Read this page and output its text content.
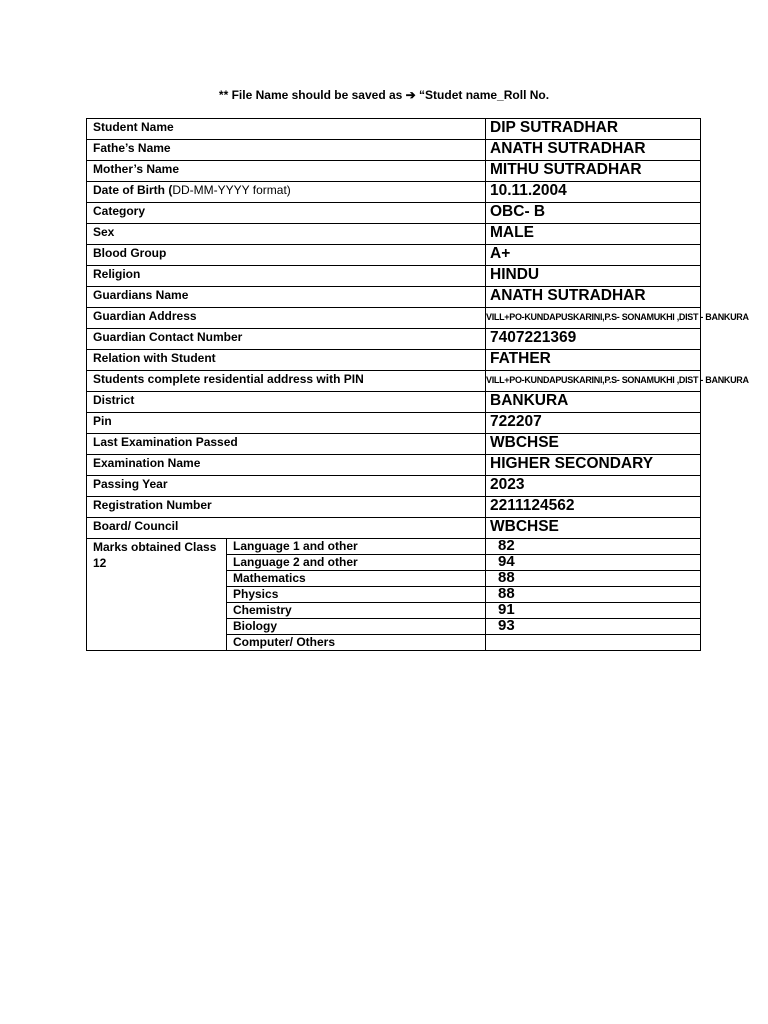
** File Name should be saved as ➔ “Studet name_Roll No.
Student Name		DIP SUTRADHAR
Fathe’s Name		ANATH SUTRADHAR
Mother’s Name		MITHU SUTRADHAR
Date of Birth (DD-MM-YYYY format)		10.11.2004
Category		OBC- B
Sex		MALE
Blood Group		A+
Religion		HINDU
Guardians Name		ANATH SUTRADHAR
Guardian Address		VILL+PO-KUNDAPUSKARINI,P.S- SONAMUKHI ,DIST - BANKURA
Guardian Contact Number		7407221369
Relation with Student		FATHER
Students complete residential address with PIN		VILL+PO-KUNDAPUSKARINI,P.S- SONAMUKHI ,DIST - BANKURA
District		BANKURA
Pin		722207
Last Examination Passed		WBCHSE
Examination Name		HIGHER SECONDARY
Passing Year		2023
Registration Number		2211124562
Board/ Council		WBCHSE
Marks obtained Class 12	Language 1 and other	82
	Language 2 and other	94
	Mathematics	88
	Physics	88
	Chemistry	91
	Biology	93
	Computer/ Others	
